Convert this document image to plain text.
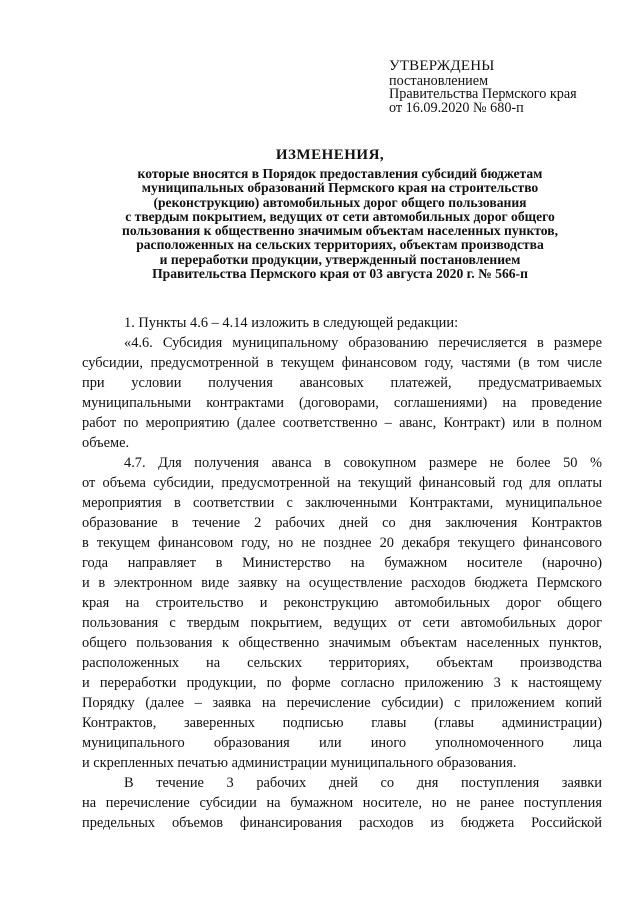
УТВЕРЖДЕНЫ
постановлением
Правительства Пермского края
от 16.09.2020 № 680-п
ИЗМЕНЕНИЯ,
которые вносятся в Порядок предоставления субсидий бюджетам
муниципальных образований Пермского края на строительство
(реконструкцию) автомобильных дорог общего пользования
с твердым покрытием, ведущих от сети автомобильных дорог общего
пользования к общественно значимым объектам населенных пунктов,
расположенных на сельских территориях, объектам производства
и переработки продукции, утвержденный постановлением
Правительства Пермского края от 03 августа 2020 г. № 566-п
1. Пункты 4.6 – 4.14 изложить в следующей редакции:
«4.6. Субсидия муниципальному образованию перечисляется в размере
субсидии, предусмотренной в текущем финансовом году, частями (в том числе
при условии получения авансовых платежей, предусматриваемых
муниципальными контрактами (договорами, соглашениями) на проведение
работ по мероприятию (далее соответственно – аванс, Контракт) или в полном
объеме.
4.7. Для получения аванса в совокупном размере не более 50 %
от объема субсидии, предусмотренной на текущий финансовый год для оплаты
мероприятия в соответствии с заключенными Контрактами, муниципальное
образование в течение 2 рабочих дней со дня заключения Контрактов
в текущем финансовом году, но не позднее 20 декабря текущего финансового
года направляет в Министерство на бумажном носителе (нарочно)
и в электронном виде заявку на осуществление расходов бюджета Пермского
края на строительство и реконструкцию автомобильных дорог общего
пользования с твердым покрытием, ведущих от сети автомобильных дорог
общего пользования к общественно значимым объектам населенных пунктов,
расположенных на сельских территориях, объектам производства
и переработки продукции, по форме согласно приложению 3 к настоящему
Порядку (далее – заявка на перечисление субсидии) с приложением копий
Контрактов, заверенных подписью главы (главы администрации)
муниципального образования или иного уполномоченного лица
и скрепленных печатью администрации муниципального образования.
В течение 3 рабочих дней со дня поступления заявки
на перечисление субсидии на бумажном носителе, но не ранее поступления
предельных объемов финансирования расходов из бюджета Российской
